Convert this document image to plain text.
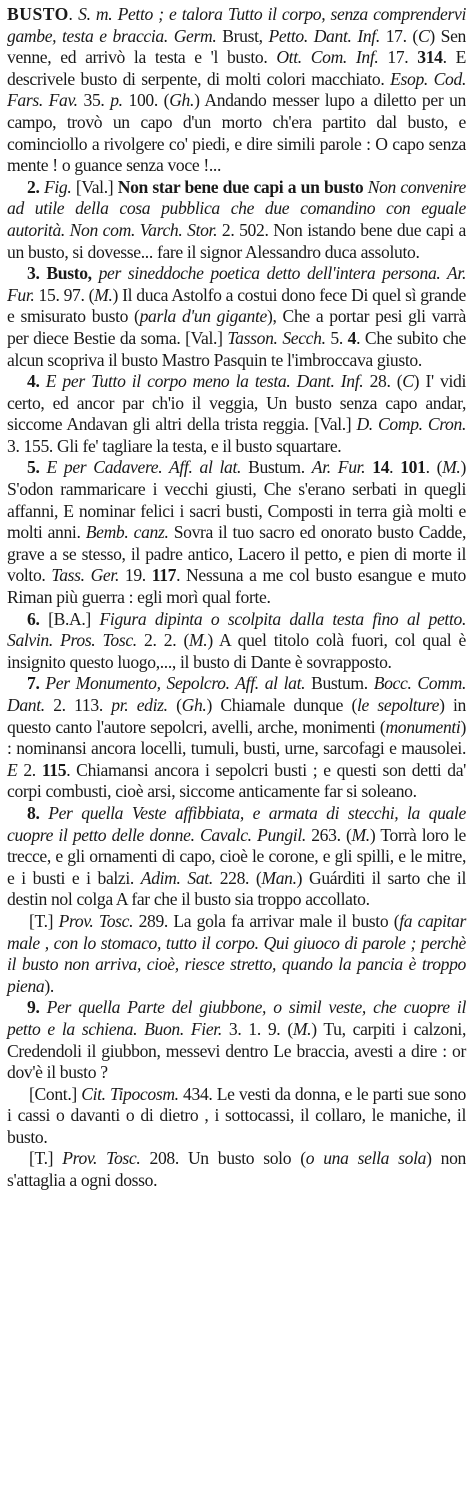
BUSTO. S. m. Petto ; e talora Tutto il corpo, senza comprendervi gambe, testa e braccia. Germ. Brust, Petto. Dant. Inf. 17. (C) Sen venne, ed arrivò la testa e 'l busto. Ott. Com. Inf. 17. 314. E descrivele busto di serpente, di molti colori macchiato. Esop. Cod. Fars. Fav. 35. p. 100. (Gh.) Andando messer lupo a diletto per un campo, trovò un capo d'un morto ch'era partito dal busto, e cominciollo a rivolgere co' piedi, e dire simili parole : O capo senza mente ! o guance senza voce !...

2. Fig. [Val.] Non star bene due capi a un busto Non convenire ad utile della cosa pubblica che due comandino con eguale autorità. Non com. Varch. Stor. 2. 502. Non istando bene due capi a un busto, si dovesse... fare il signor Alessandro duca assoluto.

3. Busto, per sineddoche poetica detto dell'intera persona. Ar. Fur. 15. 97. (M.) Il duca Astolfo a costui dono fece Di quel sì grande e smisurato busto (parla d'un gigante), Che a portar pesi gli varrà per diece Bestie da soma. [Val.] Tasson. Secch. 5. 4. Che subito che alcun scopriva il busto Mastro Pasquin te l'imbroccava giusto.

4. E per Tutto il corpo meno la testa. Dant. Inf. 28. (C) I' vidi certo, ed ancor par ch'io il veggia, Un busto senza capo andar, siccome Andavan gli altri della trista reggia. [Val.] D. Comp. Cron. 3. 155. Gli fe' tagliare la testa, e il busto squartare.

5. E per Cadavere. Aff. al lat. Bustum. Ar. Fur. 14. 101. (M.) S'odon rammaricare i vecchi giusti, Che s'erano serbati in quegli affanni, E nominar felici i sacri busti, Composti in terra già molti e molti anni. Bemb. canz. Sovra il tuo sacro ed onorato busto Cadde, grave a se stesso, il padre antico, Lacero il petto, e pien di morte il volto. Tass. Ger. 19. 117. Nessuna a me col busto esangue e muto Riman più guerra : egli morì qual forte.

6. [B.A.] Figura dipinta o scolpita dalla testa fino al petto. Salvin. Pros. Tosc. 2. 2. (M.) A quel titolo colà fuori, col qual è insignito questo luogo,..., il busto di Dante è sovrapposto.

7. Per Monumento, Sepolcro. Aff. al lat. Bustum. Bocc. Comm. Dant. 2. 113. pr. ediz. (Gh.) Chiamale dunque (le sepolture) in questo canto l'autore sepolcri, avelli, arche, monimenti (monumenti) : nominansi ancora locelli, tumuli, busti, urne, sarcofagi e mausolei. E 2. 115. Chiamansi ancora i sepolcri busti ; e questi son detti da' corpi combusti, cioè arsi, siccome anticamente far si soleano.

8. Per quella Veste affibbiata, e armata di stecchi, la quale cuopre il petto delle donne. Cavalc. Pungil. 263. (M.) Torrà loro le trecce, e gli ornamenti di capo, cioè le corone, e gli spilli, e le mitre, e i busti e i balzi. Adim. Sat. 228. (Man.) Guárditi il sarto che il destin nol colga A far che il busto sia troppo accollato.

[T.] Prov. Tosc. 289. La gola fa arrivar male il busto (fa capitar male , con lo stomaco, tutto il corpo. Qui giuoco di parole ; perchè il busto non arriva, cioè, riesce stretto, quando la pancia è troppo piena).

9. Per quella Parte del giubbone, o simil veste, che cuopre il petto e la schiena. Buon. Fier. 3. 1. 9. (M.) Tu, carpiti i calzoni, Credendoli il giubbon, messevi dentro Le braccia, avesti a dire : or dov'è il busto ?

[Cont.] Cit. Tipocosm. 434. Le vesti da donna, e le parti sue sono i cassi o davanti o di dietro , i sottocassi, il collaro, le maniche, il busto.

[T.] Prov. Tosc. 208. Un busto solo (o una sella sola) non s'attaglia a ogni dosso.
